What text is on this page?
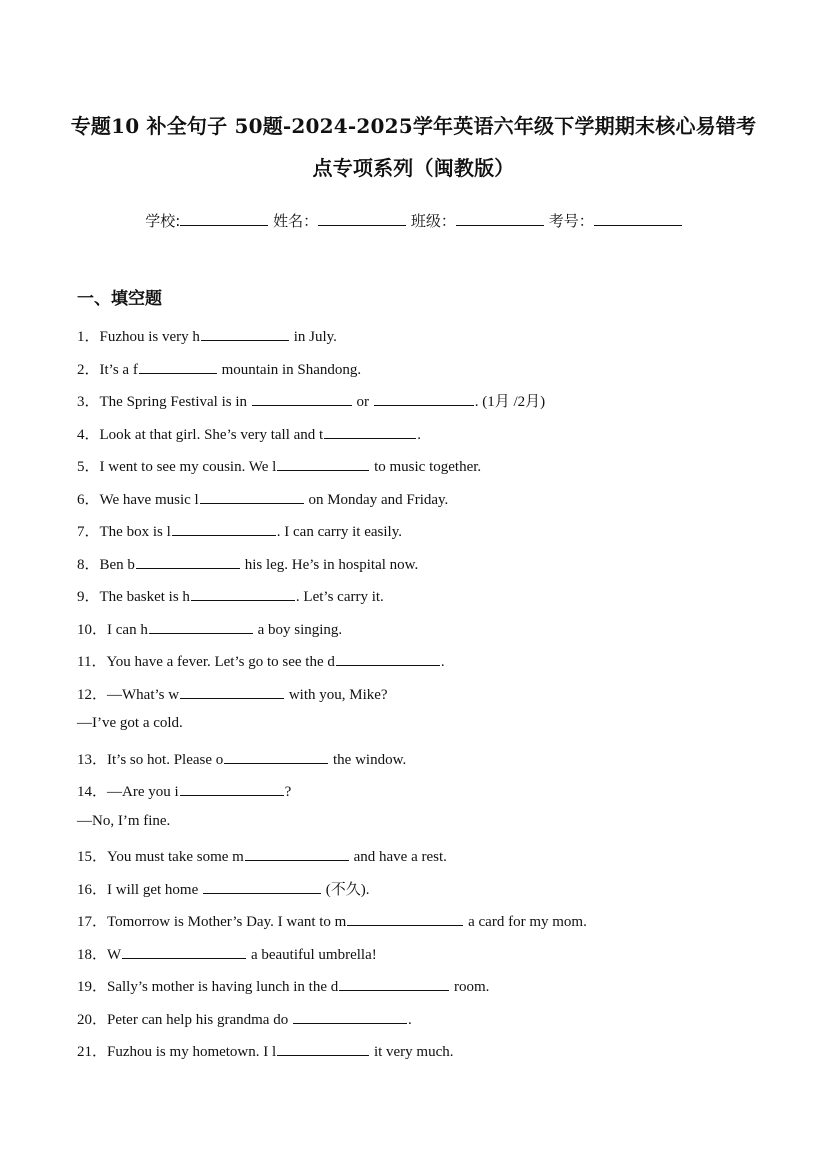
专题10 补全句子 50题-2024-2025学年英语六年级下学期期末核心易错考
点专项系列（闽教版）
学校:	姓名：	班级：	考号：
一、填空题
1．Fuzhou is very h	in July.
2．It’s a f	mountain in Shandong.
3．The Spring Festival is in	or	. (1月 /2月)
4．Look at that girl. She’s very tall and t	.
5．I went to see my cousin. We l	to music together.
6．We have music l	on Monday and Friday.
7．The box is l	. I can carry it easily.
8．Ben b	his leg. He’s in hospital now.
9．The basket is h	. Let’s carry it.
10．I can h	a boy singing.
11．You have a fever. Let’s go to see the d	.
12．—What’s w	with you, Mike?
—I’ve got a cold.
13．It’s so hot. Please o	the window.
14．—Are you i	?
—No, I’m fine.
15．You must take some m	and have a rest.
16．I will get home	(不久).
17．Tomorrow is Mother’s Day. I want to m	a card for my mom.
18．W	a beautiful umbrella!
19．Sally’s mother is having lunch in the d	room.
20．Peter can help his grandma do	.
21．Fuzhou is my hometown. I l	it very much.
